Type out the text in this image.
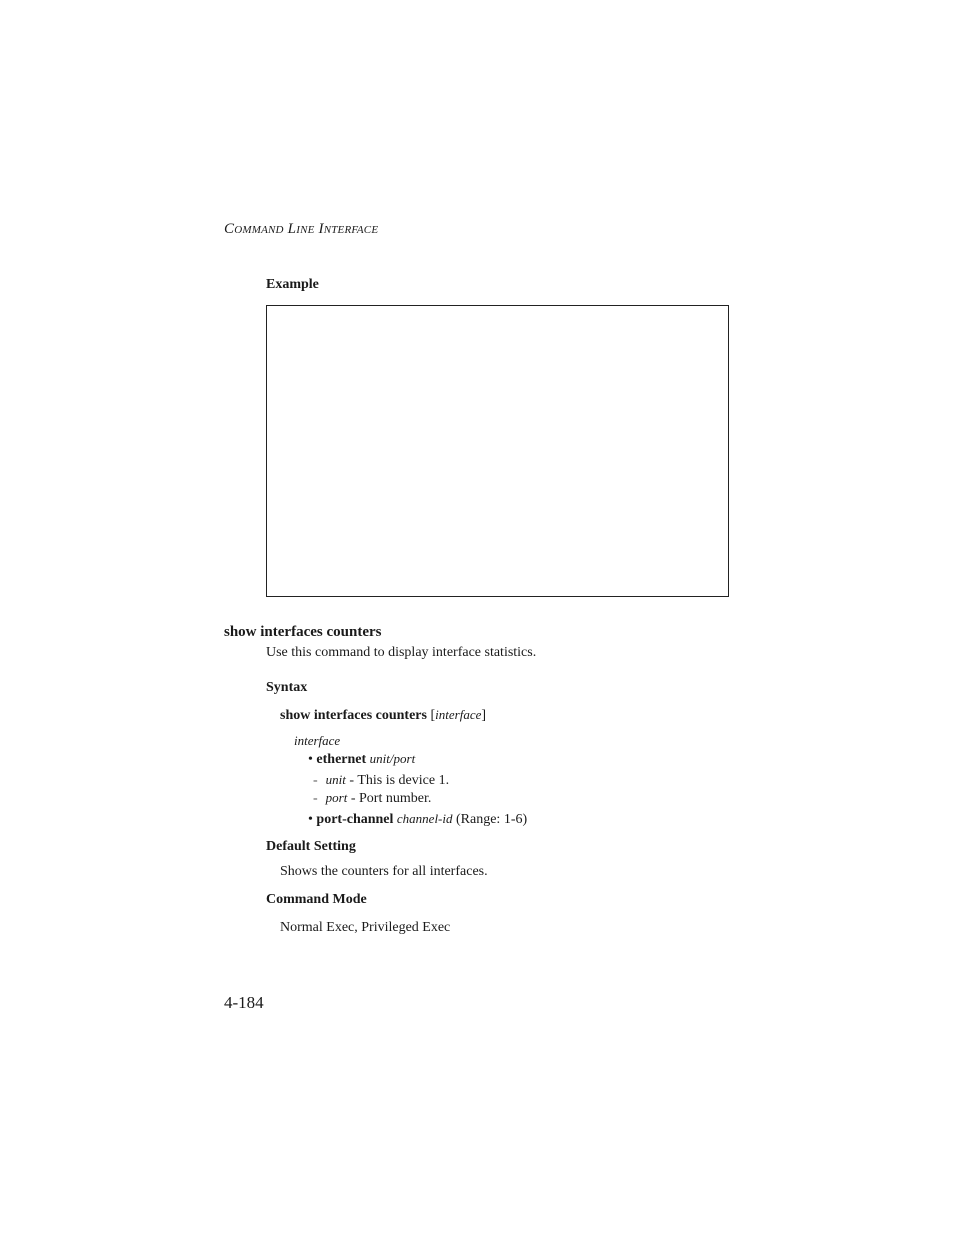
COMMAND LINE INTERFACE
Example
show interfaces counters
Use this command to display interface statistics.
Syntax
show interfaces counters [interface]
interface
• ethernet unit/port
- unit - This is device 1.
- port - Port number.
• port-channel channel-id (Range: 1-6)
Default Setting
Shows the counters for all interfaces.
Command Mode
Normal Exec, Privileged Exec
4-184
